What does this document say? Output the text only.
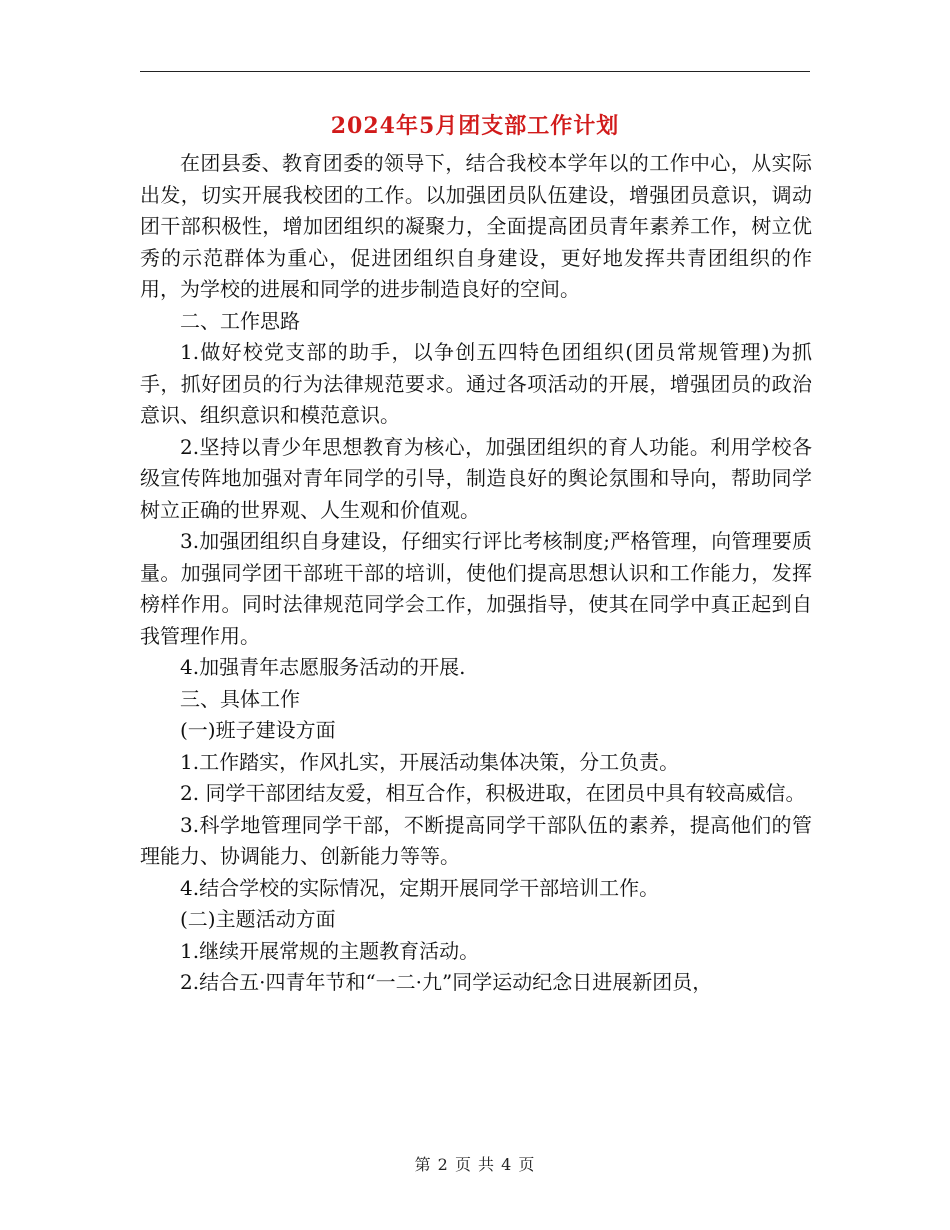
2024年5月团支部工作计划

在团县委、教育团委的领导下，结合我校本学年以的工作中心，从实际出发，切实开展我校团的工作。以加强团员队伍建设，增强团员意识，调动团干部积极性，增加团组织的凝聚力，全面提高团员青年素养工作，树立优秀的示范群体为重心，促进团组织自身建设，更好地发挥共青团组织的作用，为学校的进展和同学的进步制造良好的空间。

二、工作思路

1.做好校党支部的助手，以争创五四特色团组织(团员常规管理)为抓手，抓好团员的行为法律规范要求。通过各项活动的开展，增强团员的政治意识、组织意识和模范意识。

2.坚持以青少年思想教育为核心，加强团组织的育人功能。利用学校各级宣传阵地加强对青年同学的引导，制造良好的舆论氛围和导向，帮助同学树立正确的世界观、人生观和价值观。

3.加强团组织自身建设，仔细实行评比考核制度;严格管理，向管理要质量。加强同学团干部班干部的培训，使他们提高思想认识和工作能力，发挥榜样作用。同时法律规范同学会工作，加强指导，使其在同学中真正起到自我管理作用。

4.加强青年志愿服务活动的开展.

三、具体工作

(一)班子建设方面

1.工作踏实，作风扎实，开展活动集体决策，分工负责。

2. 同学干部团结友爱，相互合作，积极进取，在团员中具有较高威信。

3.科学地管理同学干部，不断提高同学干部队伍的素养，提高他们的管理能力、协调能力、创新能力等等。

4.结合学校的实际情况，定期开展同学干部培训工作。

(二)主题活动方面

1.继续开展常规的主题教育活动。

2.结合五·四青年节和“一二·九”同学运动纪念日进展新团员，

第 2 页 共 4 页
